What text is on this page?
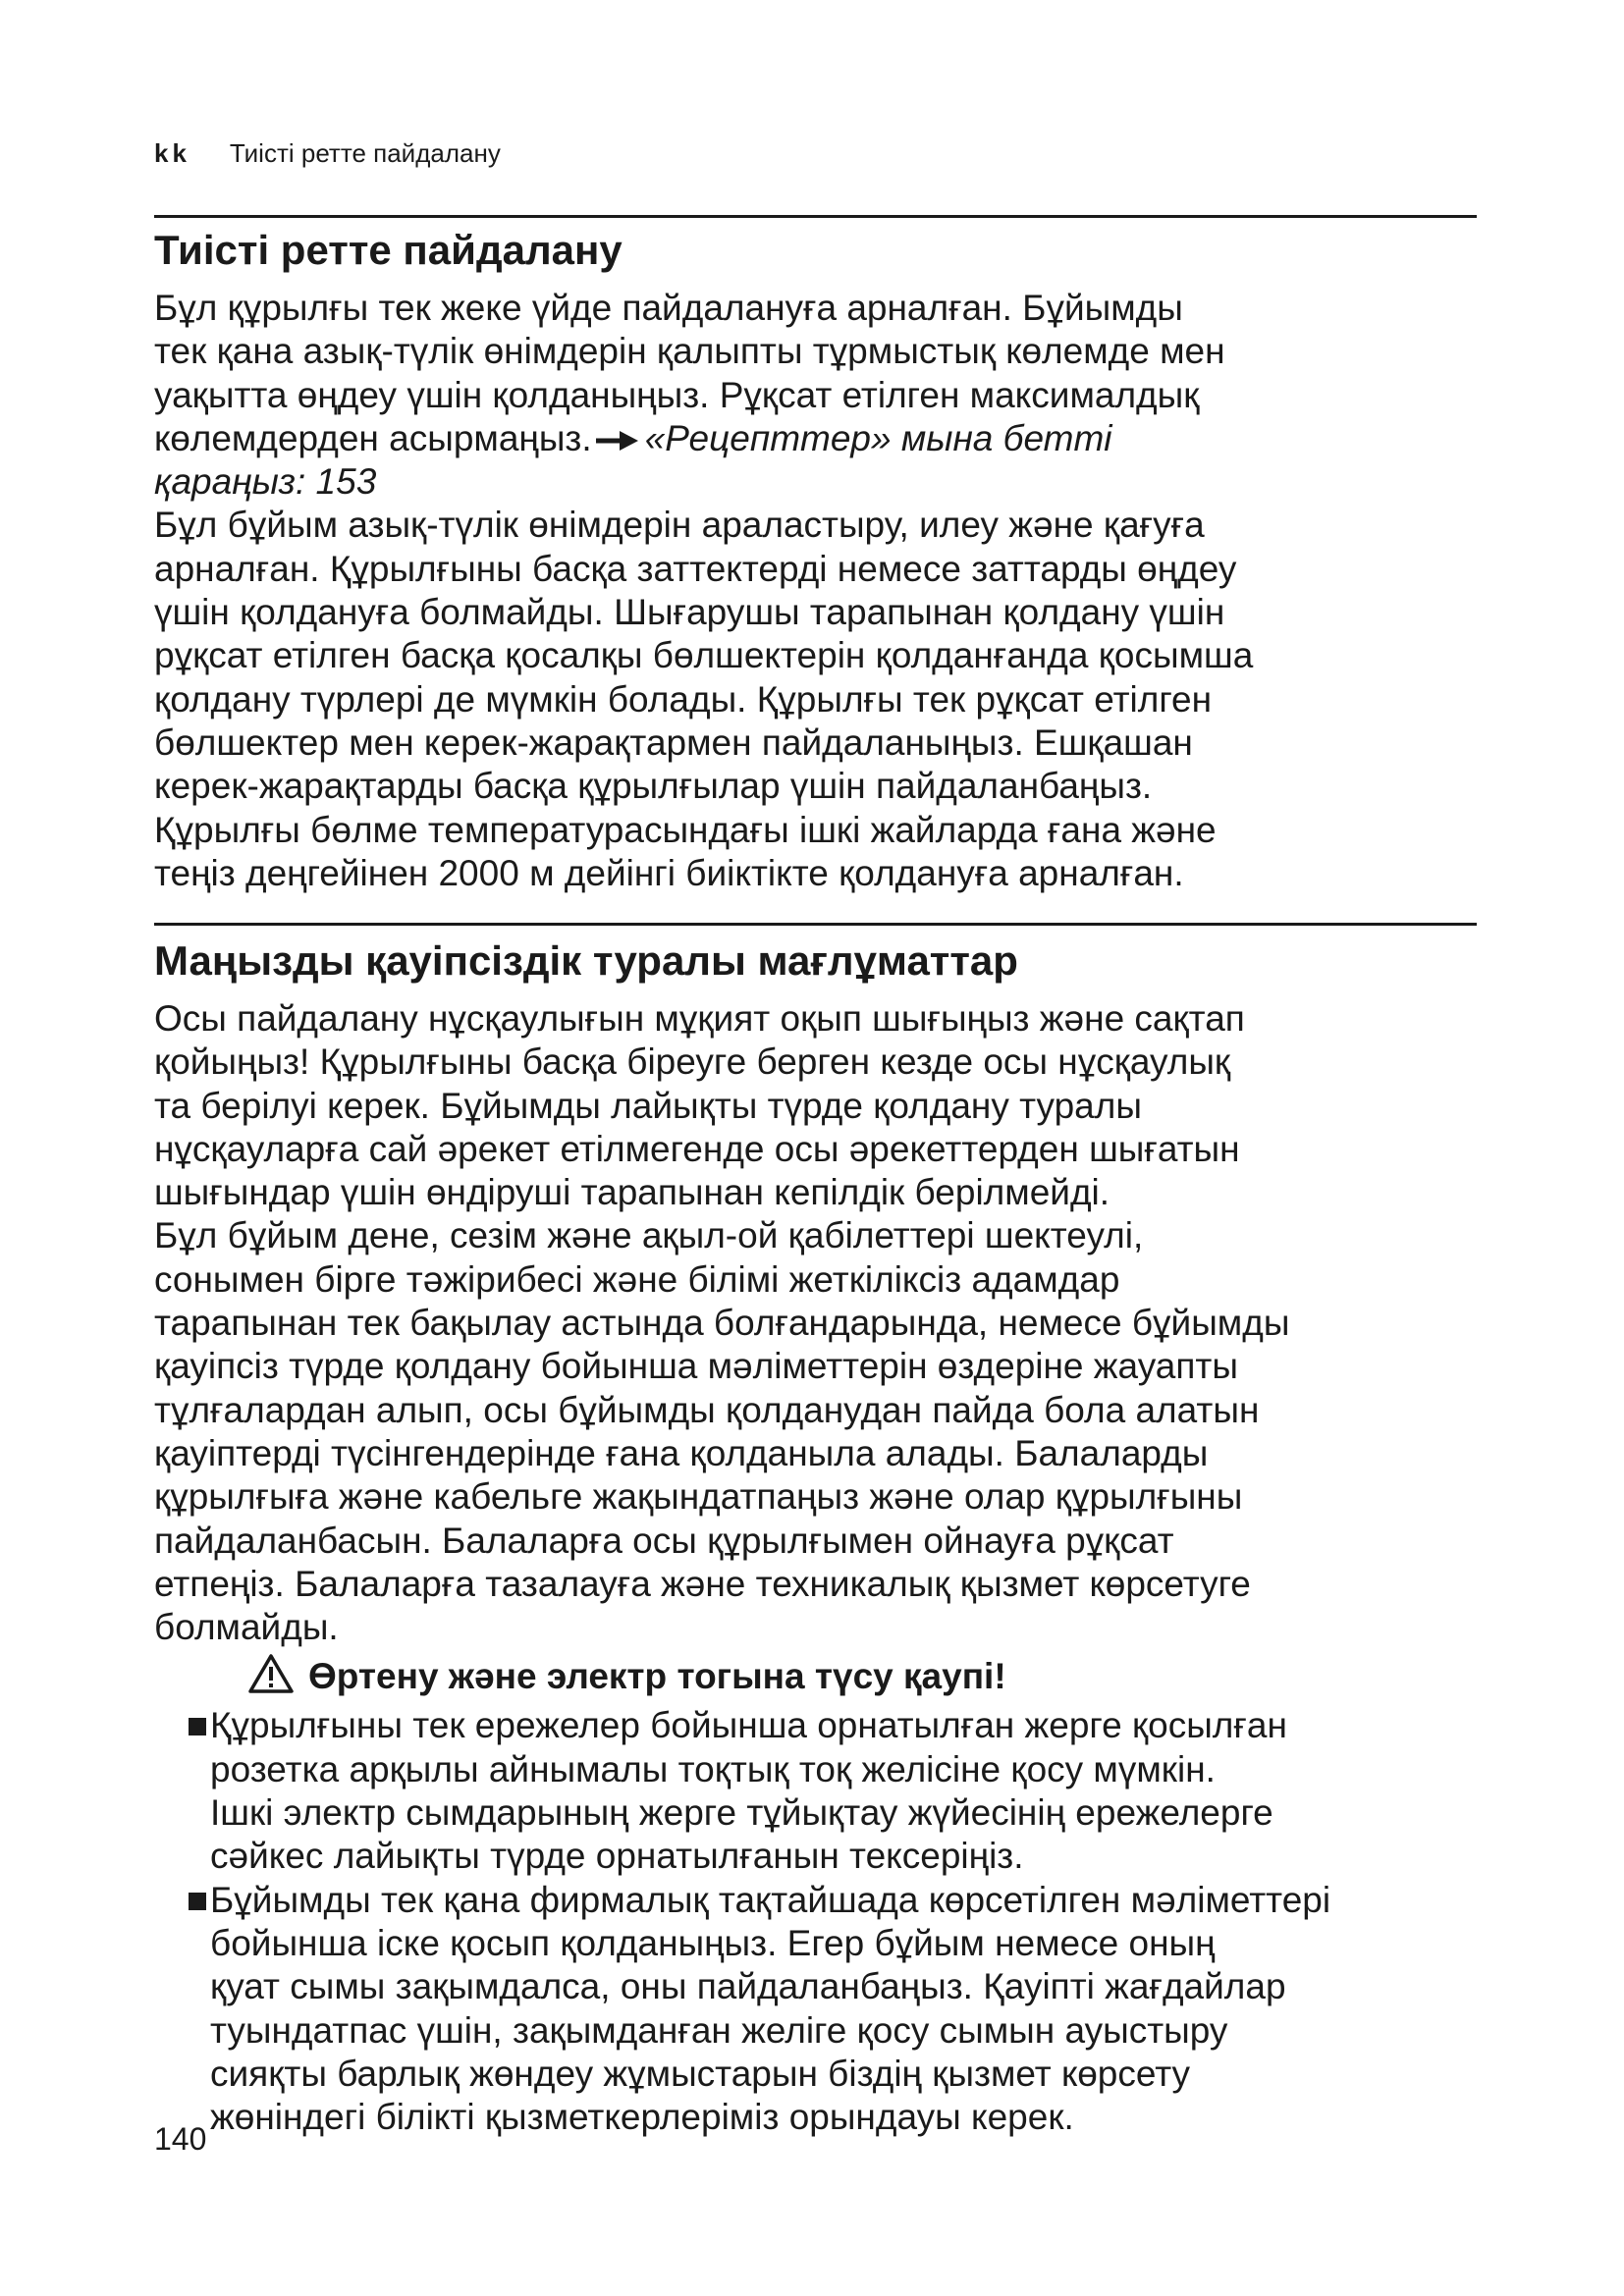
kk Тиісті ретте пайдалану
Тиісті ретте пайдалану

Бұл құрылғы тек жеке үйде пайдалануға арналған. Бұйымды
тек қана азық-түлік өнімдерін қалыпты тұрмыстық көлемде мен
уақытта өңдеу үшін қолданыңыз. Рұқсат етілген максималдық
көлемдерден асырмаңыз. «Рецепттер» мына бетті
қараңыз: 153

Бұл бұйым азық-түлік өнімдерін араластыру, илеу және қағуға
арналған. Құрылғыны басқа заттектерді немесе заттарды өңдеу
үшін қолдануға болмайды. Шығарушы тарапынан қолдану үшін
рұқсат етілген басқа қосалқы бөлшектерін қолданғанда қосымша
қолдану түрлері де мүмкін болады. Құрылғы тек рұқсат етілген
бөлшектер мен керек-жарақтармен пайдаланыңыз. Ешқашан
керек-жарақтарды басқа құрылғылар үшін пайдаланбаңыз.
Құрылғы бөлме температурасындағы ішкі жайларда ғана және
теңіз деңгейінен 2000 м дейінгі биіктікте қолдануға арналған.

Маңызды қауіпсіздік туралы мағлұматтар

Осы пайдалану нұсқаулығын мұқият оқып шығыңыз және сақтап
қойыңыз! Құрылғыны басқа біреуге берген кезде осы нұсқаулық
та берілуі керек. Бұйымды лайықты түрде қолдану туралы
нұсқауларға сай әрекет етілмегенде осы әрекеттерден шығатын
шығындар үшін өндіруші тарапынан кепілдік берілмейді.

Бұл бұйым дене, сезім және ақыл-ой қабілеттері шектеулі,
сонымен бірге тәжірибесі және білімі жеткіліксіз адамдар
тарапынан тек бақылау астында болғандарында, немесе бұйымды
қауіпсіз түрде қолдану бойынша мәліметтерін өздеріне жауапты
тұлғалардан алып, осы бұйымды қолданудан пайда бола алатын
қауіптерді түсінгендерінде ғана қолданыла алады. Балаларды
құрылғыға және кабельге жақындатпаңыз және олар құрылғыны
пайдаланбасын. Балаларға осы құрылғымен ойнауға рұқсат
етпеңіз. Балаларға тазалауға және техникалық қызмет көрсетуге
болмайды.

Өртену және электр тогына түсу қаупі!
Құрылғыны тек ережелер бойынша орнатылған жерге қосылған
розетка арқылы айнымалы тоқтық тоқ желісіне қосу мүмкін.
Ішкі электр сымдарының жерге тұйықтау жүйесінің ережелерге
сәйкес лайықты түрде орнатылғанын тексеріңіз.
Бұйымды тек қана фирмалық тақтайшада көрсетілген мәліметтері
бойынша іске қосып қолданыңыз. Егер бұйым немесе оның
қуат сымы зақымдалса, оны пайдаланбаңыз. Қауіпті жағдайлар
туындатпас үшін, зақымданған желіге қосу сымын ауыстыру
сияқты барлық жөндеу жұмыстарын біздің қызмет көрсету
жөніндегі білікті қызметкерлеріміз орындауы керек.
140
